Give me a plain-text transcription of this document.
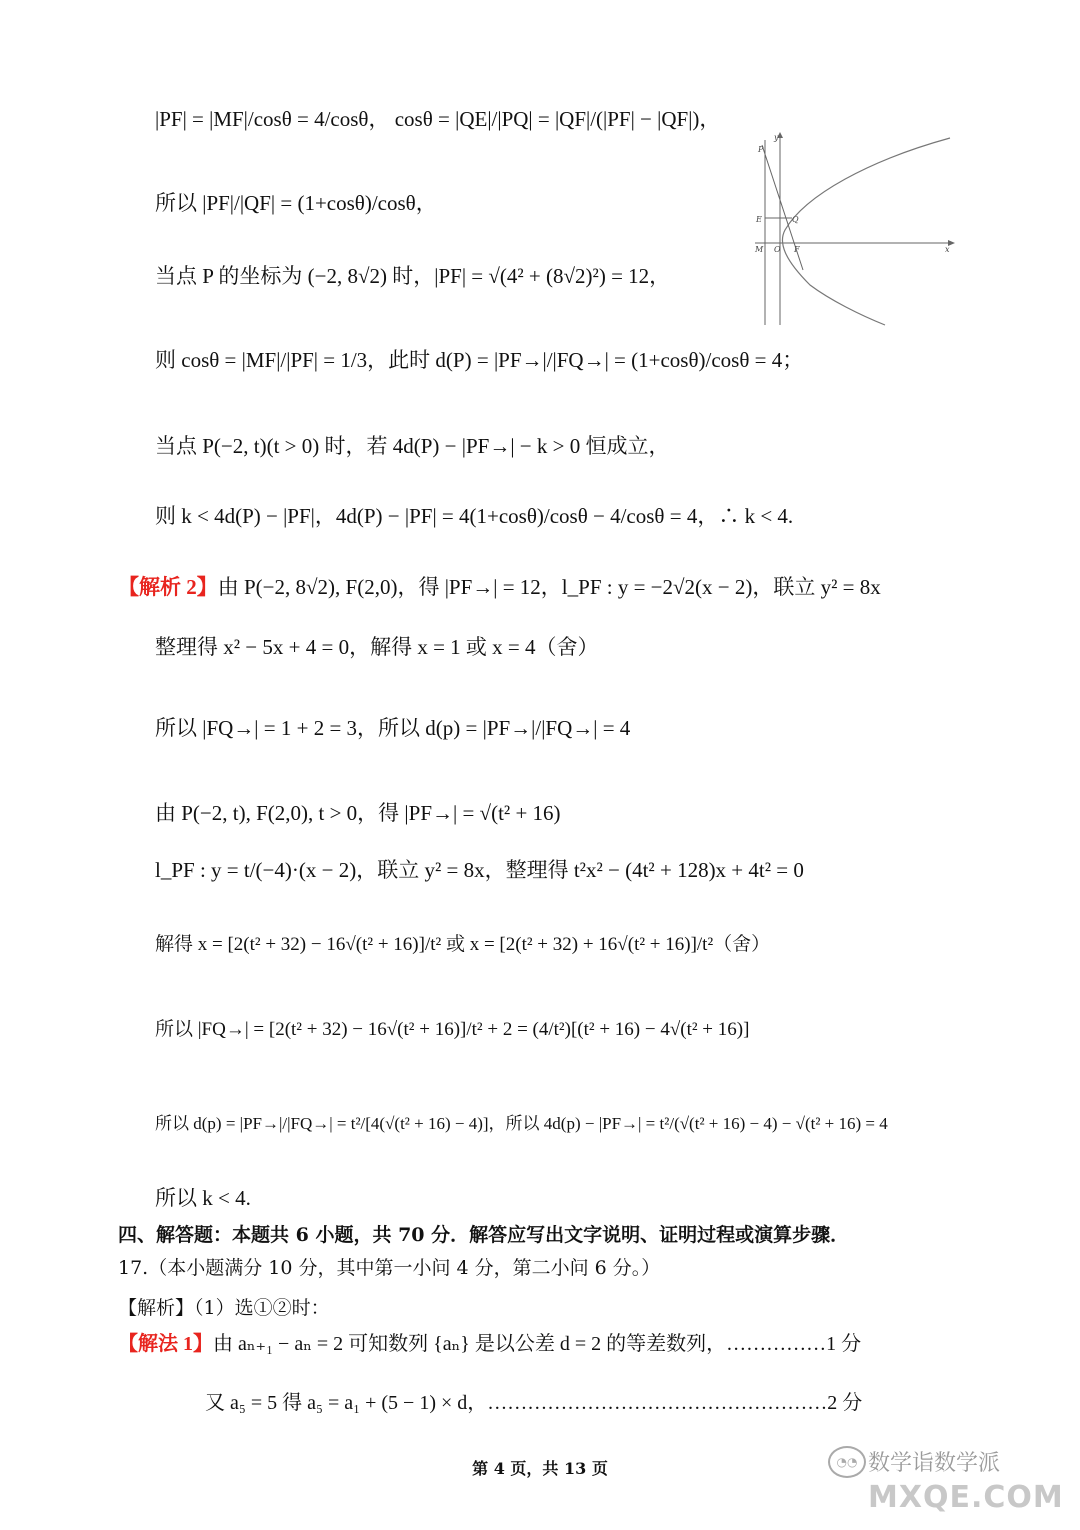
|PF| = |MF|/cosθ = 4/cosθ， cosθ = |QE|/|PQ| = |QF|/(|PF| − |QF|)，
所以 |PF|/|QF| = (1+cosθ)/cosθ，
当点 P 的坐标为 (−2, 8√2) 时，|PF| = √(4² + (8√2)²) = 12，
则 cosθ = |MF|/|PF| = 1/3，此时 d(P) = |PF→|/|FQ→| = (1+cosθ)/cosθ = 4；
当点 P(−2, t)(t > 0) 时，若 4d(P) − |PF→| − k > 0 恒成立，
则 k < 4d(P) − |PF|，4d(P) − |PF| = 4(1+cosθ)/cosθ − 4/cosθ = 4，∴ k < 4.
【解析 2】由 P(−2, 8√2), F(2,0)，得 |PF→| = 12，l_PF : y = −2√2(x − 2)，联立 y² = 8x
整理得 x² − 5x + 4 = 0，解得 x = 1 或 x = 4（舍）
所以 |FQ→| = 1 + 2 = 3，所以 d(p) = |PF→|/|FQ→| = 4
由 P(−2, t), F(2,0), t > 0，得 |PF→| = √(t² + 16)
l_PF : y = t/(−4)·(x − 2)，联立 y² = 8x，整理得 t²x² − (4t² + 128)x + 4t² = 0
解得 x = [2(t² + 32) − 16√(t² + 16)]/t² 或 x = [2(t² + 32) + 16√(t² + 16)]/t²（舍）
所以 |FQ→| = [2(t² + 32) − 16√(t² + 16)]/t² + 2 = (4/t²)[(t² + 16) − 4√(t² + 16)]
所以 d(p) = |PF→|/|FQ→| = t²/[4(√(t² + 16) − 4)]，所以 4d(p) − |PF→| = t²/(√(t² + 16) − 4) − √(t² + 16) = 4
所以 k < 4.
四、解答题：本题共 6 小题，共 70 分．解答应写出文字说明、证明过程或演算步骤．
17.（本小题满分 10 分，其中第一小问 4 分，第二小问 6 分。）
【解析】（1）选①②时：
【解法 1】由 aₙ₊₁ − aₙ = 2 可知数列 {aₙ} 是以公差 d = 2 的等差数列，……………1 分
又 a₅ = 5 得 a₅ = a₁ + (5 − 1) × d，……………………………………………2 分
P
y
E	Q
M O F	x
第 4 页，共 13 页	◔◔ 数学诣数学派
MXQE.COM
